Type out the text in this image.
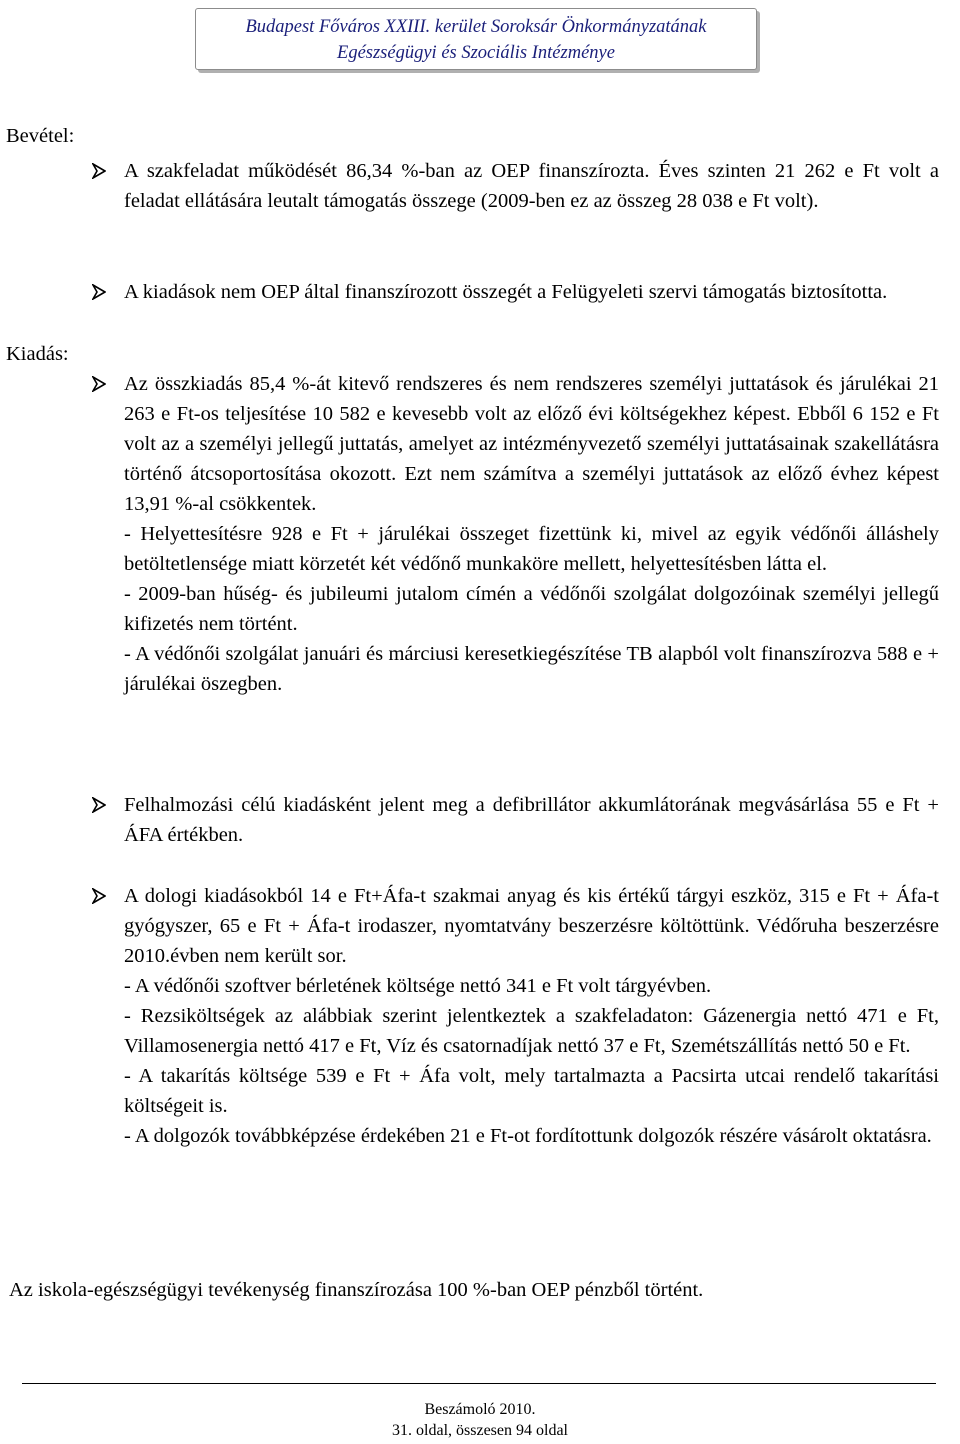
Budapest Főváros XXIII. kerület Soroksár Önkormányzatának
Egészségügyi és Szociális Intézménye

Bevétel:

A szakfeladat működését 86,34 %-ban az OEP finanszírozta. Éves szinten 21 262 e Ft volt a feladat ellátására leutalt támogatás összege (2009-ben ez az összeg 28 038 e Ft volt).

A kiadások nem OEP által finanszírozott összegét a Felügyeleti szervi támogatás biztosította.

Kiadás:

Az összkiadás 85,4 %-át kitevő rendszeres és nem rendszeres személyi juttatások és járulékai 21 263 e Ft-os teljesítése 10 582 e kevesebb volt az előző évi költségekhez képest. Ebből 6 152 e Ft volt az a személyi jellegű juttatás, amelyet az intézményvezető személyi juttatásainak szakellátásra történő átcsoportosítása okozott. Ezt nem számítva a személyi juttatások az előző évhez képest 13,91 %-al csökkentek.

- Helyettesítésre 928 e Ft + járulékai összeget fizettünk ki, mivel az egyik védőnői álláshely betöltetlensége miatt körzetét két védőnő munkaköre mellett, helyettesítésben látta el.

- 2009-ban hűség- és jubileumi jutalom címén a védőnői szolgálat dolgozóinak személyi jellegű kifizetés nem történt.

- A védőnői szolgálat januári és márciusi keresetkiegészítése TB alapból volt finanszírozva 588 e + járulékai öszegben.

Felhalmozási célú kiadásként jelent meg a defibrillátor akkumlátorának megvásárlása 55 e Ft + ÁFA értékben.

A dologi kiadásokból 14 e Ft+Áfa-t szakmai anyag és kis értékű tárgyi eszköz, 315 e Ft + Áfa-t gyógyszer, 65 e Ft + Áfa-t irodaszer, nyomtatvány beszerzésre költöttünk. Védőruha beszerzésre 2010.évben nem került sor.

- A védőnői szoftver bérletének költsége nettó 341 e Ft volt tárgyévben.

- Rezsiköltségek az alábbiak szerint jelentkeztek a szakfeladaton: Gázenergia nettó 471 e Ft, Villamosenergia nettó 417 e Ft, Víz és csatornadíjak nettó 37 e Ft, Szemétszállítás nettó 50 e Ft.

- A takarítás költsége 539 e Ft + Áfa volt, mely tartalmazta a Pacsirta utcai rendelő takarítási költségeit is.

- A dolgozók továbbképzése érdekében 21 e Ft-ot fordítottunk dolgozók részére vásárolt oktatásra.

Az iskola-egészségügyi tevékenység finanszírozása 100 %-ban OEP pénzből történt.

Beszámoló 2010.

31. oldal, összesen 94 oldal
